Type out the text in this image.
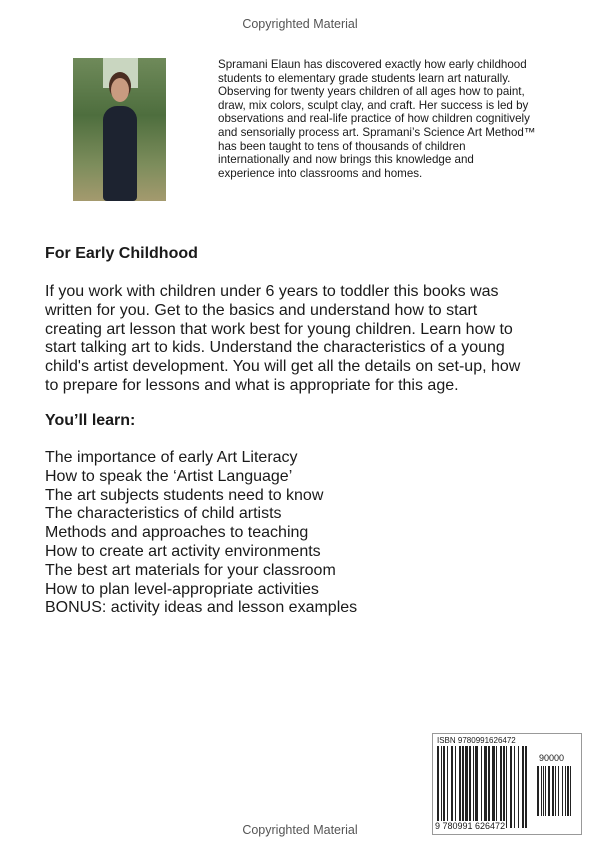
Copyrighted Material
Spramani Elaun has discovered exactly how early childhood
students to elementary grade students learn art naturally.
Observing for twenty years children of all ages how to paint,
draw, mix colors, sculpt clay, and craft. Her success is led by
observations and real-life practice of how children cognitively
and sensorially process art. Spramani’s Science Art Method™
has been taught to tens of thousands of children
internationally and now brings this knowledge and
experience into classrooms and homes.
For Early Childhood
If you work with children under 6 years to toddler this books was
written for you. Get to the basics and understand how to start
creating art lesson that work best for young children. Learn how to
start talking art to kids. Understand the characteristics of a young
child's artist development. You will get all the details on set-up, how
to prepare for lessons and what is appropriate for this age.
You’ll learn:
The importance of early Art Literacy
How to speak the ‘Artist Language’
The art subjects students need to know
The characteristics of child artists
Methods and approaches to teaching
How to create art activity environments
The best art materials for your classroom
How to plan level-appropriate activities
BONUS: activity ideas and lesson examples
ISBN 9780991626472
90000
9 780991 626472
Copyrighted Material
